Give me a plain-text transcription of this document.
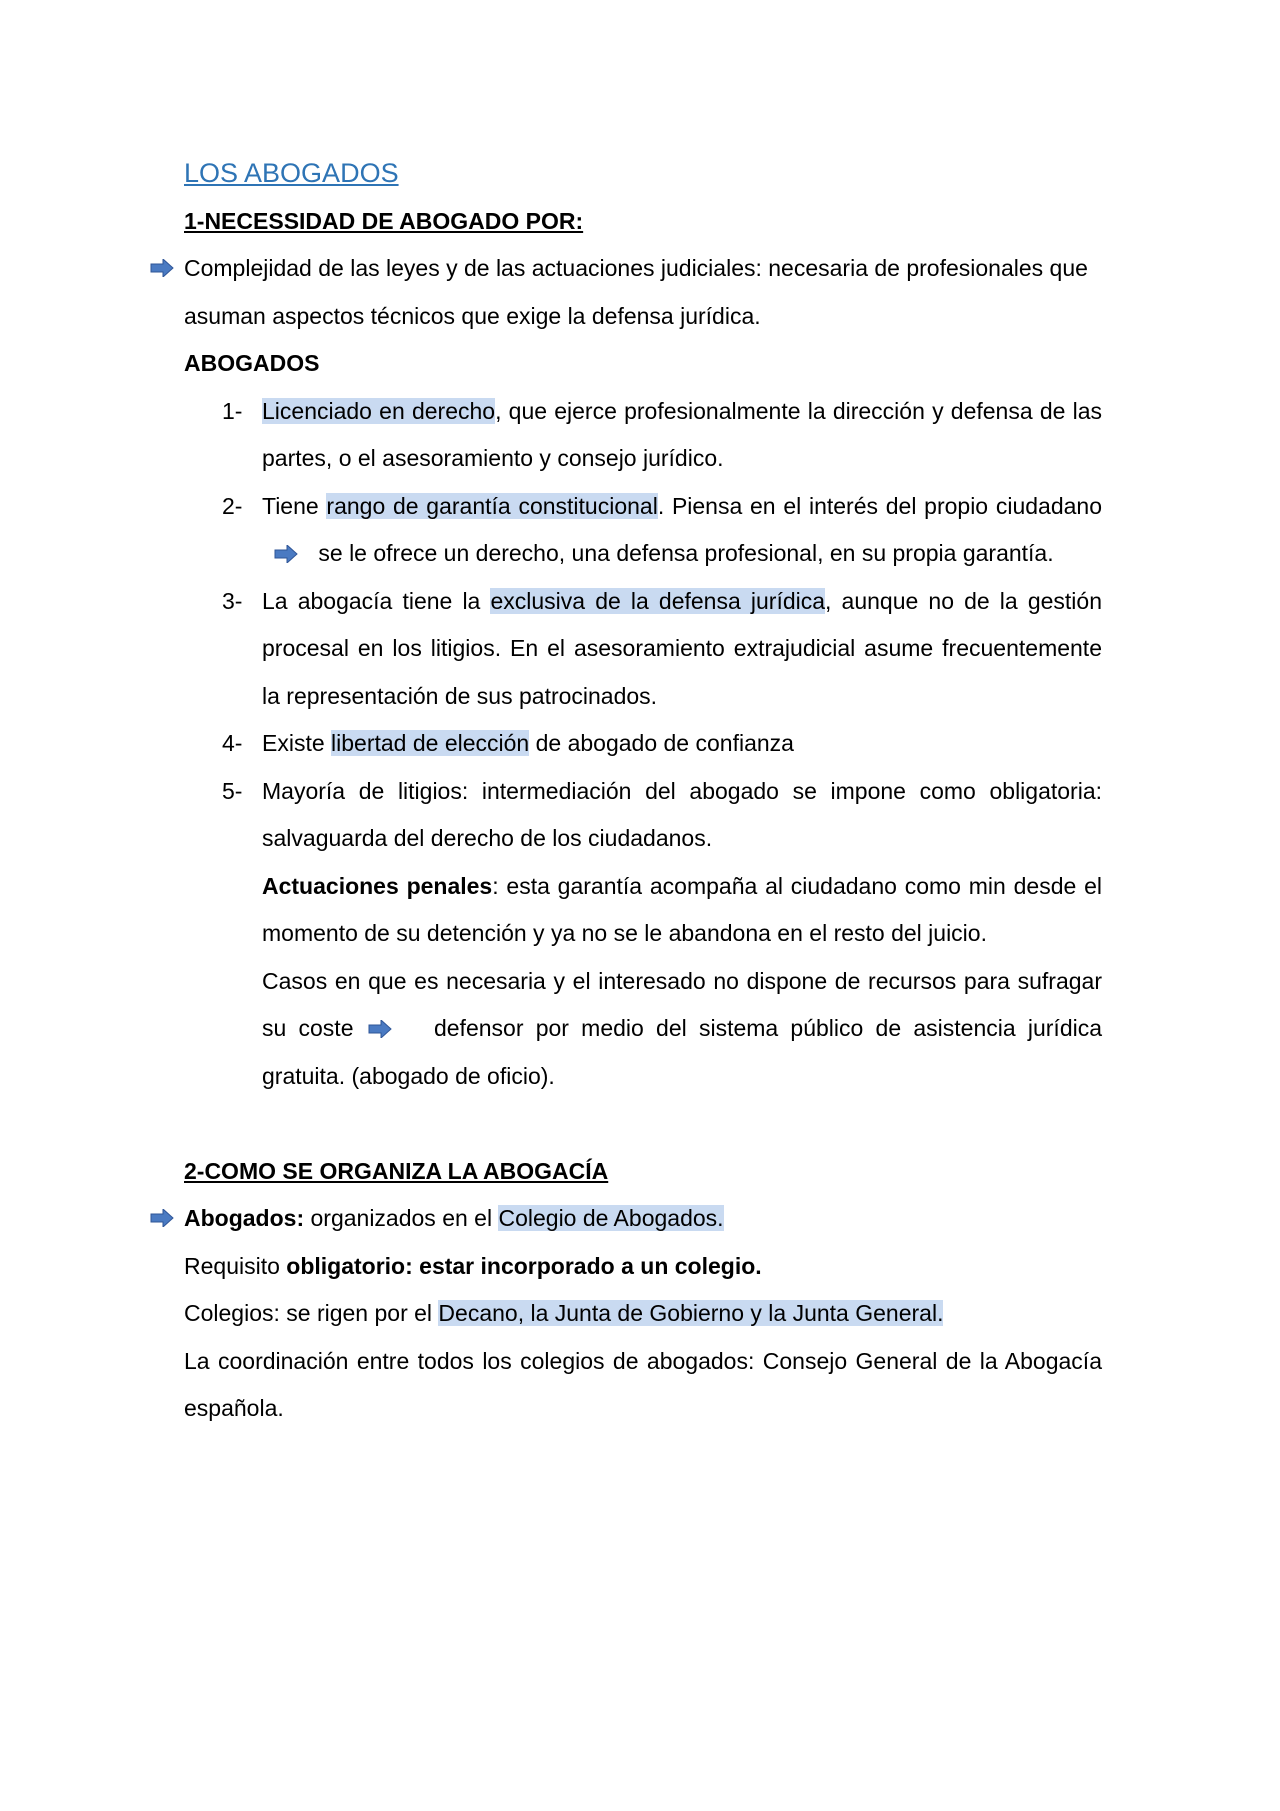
LOS ABOGADOS

1-NECESSIDAD DE ABOGADO POR:

Complejidad de las leyes y de las actuaciones judiciales: necesaria de profesionales que asuman aspectos técnicos que exige la defensa jurídica.

ABOGADOS

1- Licenciado en derecho, que ejerce profesionalmente la dirección y defensa de las partes, o el asesoramiento y consejo jurídico.
2- Tiene rango de garantía constitucional. Piensa en el interés del propio ciudadano  se le ofrece un derecho, una defensa profesional, en su propia garantía.
3- La abogacía tiene la exclusiva de la defensa jurídica, aunque no de la gestión procesal en los litigios. En el asesoramiento extrajudicial asume frecuentemente la representación de sus patrocinados.
4- Existe libertad de elección de abogado de confianza
5- Mayoría de litigios: intermediación del abogado se impone como obligatoria: salvaguarda del derecho de los ciudadanos.

Actuaciones penales: esta garantía acompaña al ciudadano como min desde el momento de su detención y ya no se le abandona en el resto del juicio.

Casos en que es necesaria y el interesado no dispone de recursos para sufragar su coste	defensor por medio del sistema público de asistencia jurídica gratuita. (abogado de oficio).

2-COMO SE ORGANIZA LA ABOGACÍA

Abogados: organizados en el Colegio de Abogados.

Requisito obligatorio: estar incorporado a un colegio.

Colegios: se rigen por el Decano, la Junta de Gobierno y la Junta General.

La coordinación entre todos los colegios de abogados: Consejo General de la Abogacía española.
